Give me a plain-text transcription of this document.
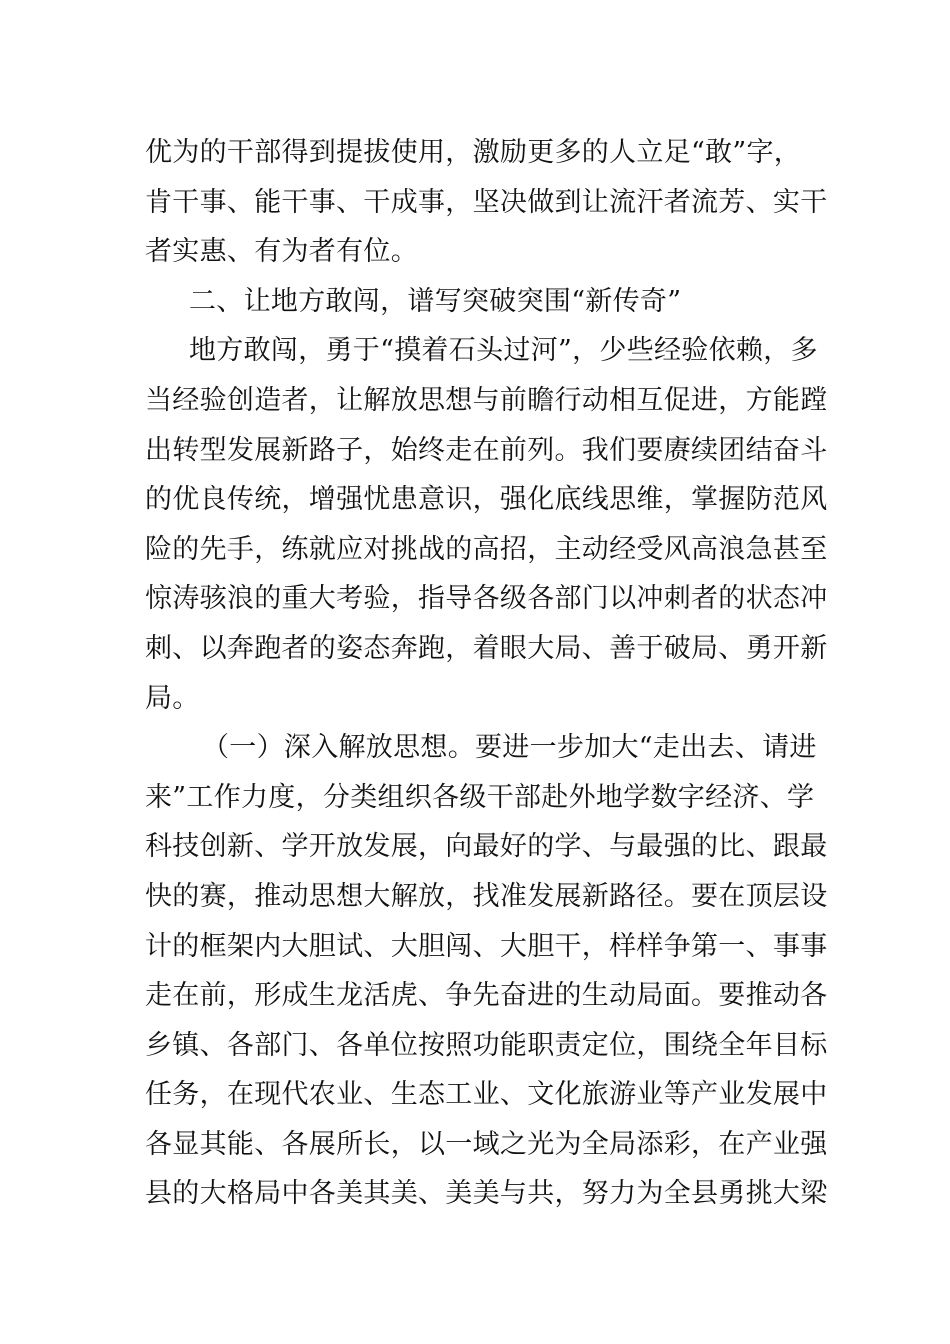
优为的干部得到提拔使用，激励更多的人立足“敢”字，
肯干事、能干事、干成事，坚决做到让流汗者流芳、实干
者实惠、有为者有位。
二、让地方敢闯，谱写突破突围“新传奇”
地方敢闯，勇于“摸着石头过河”，少些经验依赖，多
当经验创造者，让解放思想与前瞻行动相互促进，方能蹚
出转型发展新路子，始终走在前列。我们要赓续团结奋斗
的优良传统，增强忧患意识，强化底线思维，掌握防范风
险的先手，练就应对挑战的高招，主动经受风高浪急甚至
惊涛骇浪的重大考验，指导各级各部门以冲刺者的状态冲
刺、以奔跑者的姿态奔跑，着眼大局、善于破局、勇开新
局。
（一）深入解放思想。要进一步加大“走出去、请进
来”工作力度，分类组织各级干部赴外地学数字经济、学
科技创新、学开放发展，向最好的学、与最强的比、跟最
快的赛，推动思想大解放，找准发展新路径。要在顶层设
计的框架内大胆试、大胆闯、大胆干，样样争第一、事事
走在前，形成生龙活虎、争先奋进的生动局面。要推动各
乡镇、各部门、各单位按照功能职责定位，围绕全年目标
任务，在现代农业、生态工业、文化旅游业等产业发展中
各显其能、各展所长，以一域之光为全局添彩，在产业强
县的大格局中各美其美、美美与共，努力为全县勇挑大梁
